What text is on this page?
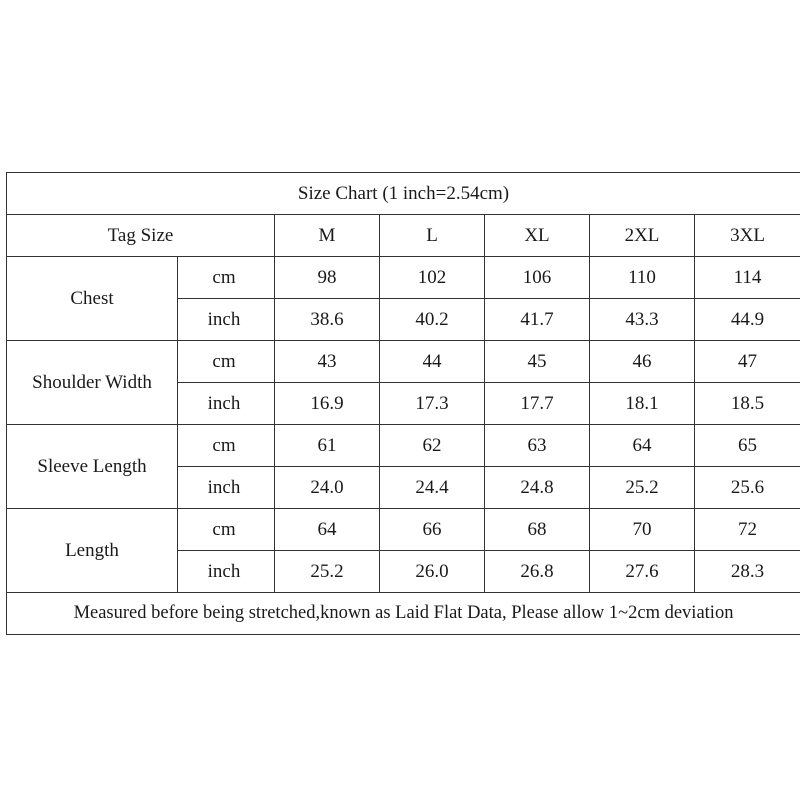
Size Chart (1 inch=2.54cm)						
Tag Size		M	L	XL	2XL	3XL
Chest	cm	98	102	106	110	114
	inch	38.6	40.2	41.7	43.3	44.9
Shoulder Width	cm	43	44	45	46	47
	inch	16.9	17.3	17.7	18.1	18.5
Sleeve Length	cm	61	62	63	64	65
	inch	24.0	24.4	24.8	25.2	25.6
Length	cm	64	66	68	70	72
	inch	25.2	26.0	26.8	27.6	28.3
Measured before being stretched,known as Laid Flat Data, Please allow 1~2cm deviation						
